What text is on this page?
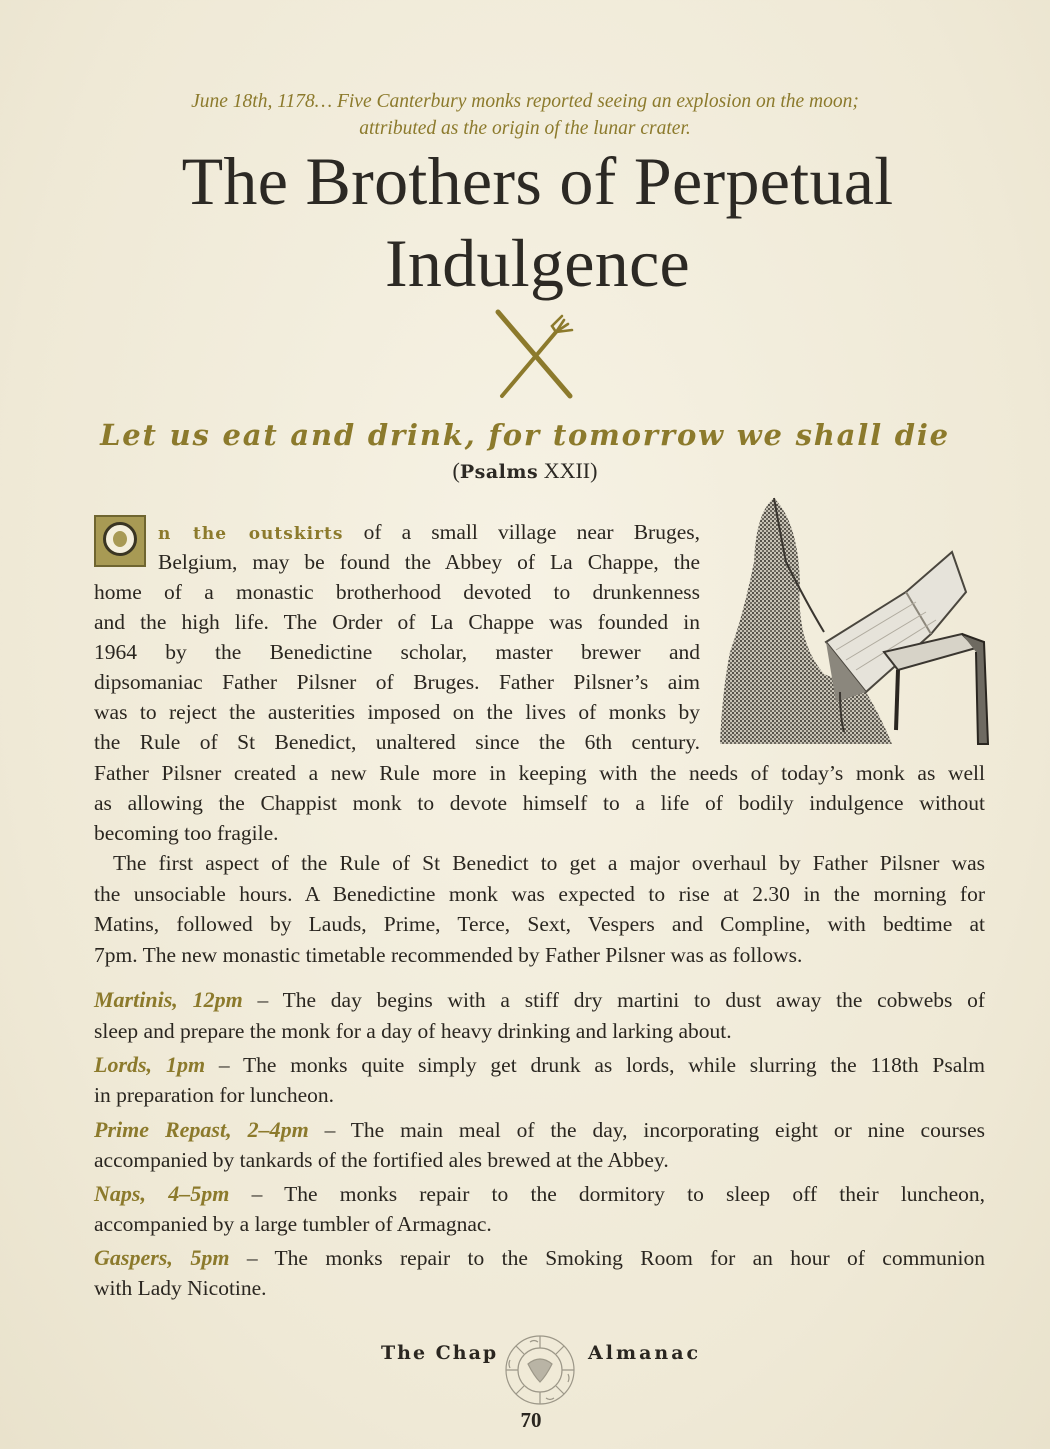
June 18th, 1178… Five Canterbury monks reported seeing an explosion on the moon;
attributed as the origin of the lunar crater.
The Brothers of Perpetual
Indulgence
Let us eat and drink, for tomorrow we shall die
(Psalms XXII)
n the outskirts of a small village near Bruges,
Belgium, may be found the Abbey of La Chappe, the
home of a monastic brotherhood devoted to drunkenness
and the high life. The Order of La Chappe was founded in
1964 by the Benedictine scholar, master brewer and
dipsomaniac Father Pilsner of Bruges. Father Pilsner’s aim
was to reject the austerities imposed on the lives of monks by
the Rule of St Benedict, unaltered since the 6th century.
Father Pilsner created a new Rule more in keeping with the needs of today’s monk as well
as allowing the Chappist monk to devote himself to a life of bodily indulgence without
becoming too fragile.
The first aspect of the Rule of St Benedict to get a major overhaul by Father Pilsner was
the unsociable hours. A Benedictine monk was expected to rise at 2.30 in the morning for
Matins, followed by Lauds, Prime, Terce, Sext, Vespers and Compline, with bedtime at
7pm. The new monastic timetable recommended by Father Pilsner was as follows.
Martinis, 12pm – The day begins with a stiff dry martini to dust away the cobwebs of
sleep and prepare the monk for a day of heavy drinking and larking about.
Lords, 1pm – The monks quite simply get drunk as lords, while slurring the 118th Psalm
in preparation for luncheon.
Prime Repast, 2–4pm – The main meal of the day, incorporating eight or nine courses
accompanied by tankards of the fortified ales brewed at the Abbey.
Naps, 4–5pm – The monks repair to the dormitory to sleep off their luncheon,
accompanied by a large tumbler of Armagnac.
Gaspers, 5pm – The monks repair to the Smoking Room for an hour of communion
with Lady Nicotine.
The Chap	Almanac
70
